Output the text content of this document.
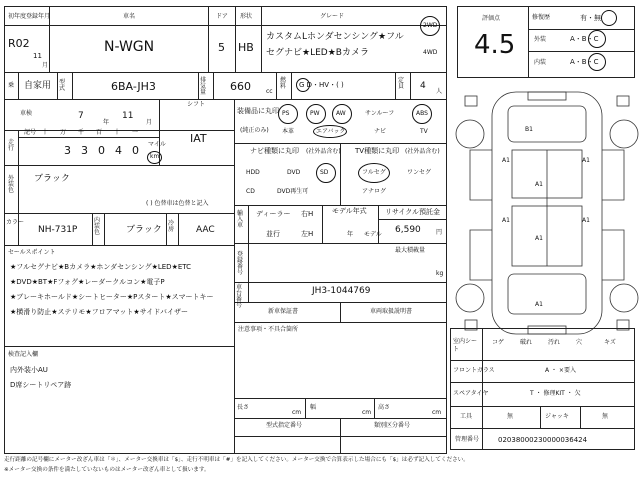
初年度登録年月
R02
11
月
車名
N-WGN
ドア
5
形状
HB
グレード
カスタムLホンダセンシング★フル
セグナビ★LED★Bカメラ
2WD
4WD
乗 自家用 型式	6BA-JH3	排気量	660	cc
燃料	G D・HV・( )
定員	4
人
評価点
4.5
修復歴	有・無
外装	A・B・C
内装	A・B・C
車検	7
年
11
月
シフト
IAT
走行
記号 十 万 千 百 十 一
3 3 0 4 0 マイル
km
装備品に丸印
(純正のみ)
PS	PW	AW	サンルーフ	ABS
本革	エアバック	ナビ	TV
ナビ種類に丸印 (社外品含む)
HDD	DVD	SD
CD	DVD再生可
TV種類に丸印 (社外品含む)
フルセグ	ワンセグ
アナログ
外装色
ブラック
( ) 色替車は色替と記入
カラー
NH-731P
内装色	ブラック
冷房	AAC
輸入車
ディーラー
並行
右H
左H
モデル年式
年 モデル
リサイクル預託金
6,590	円
最大積載量
kg
登録番号
車台番号
JH3-1044769
セールスポイント
★フルセグナビ★Bカメラ★ホンダセンシング★LED★ETC
★DVD★BT★Fフォグ★レーダークルコン★電子P
★ブレーキホールド★シートヒーター★Pスタート★スマートキー
★横滑り防止★ステリモ★フロアマット★サイドバイザー
検査記入欄
内外装小AU
D席シートリペア跡
新車保証書	車両取扱説明書
注意事項・不具合箇所
長さ
cm
幅
cm
高さ
cm
型式指定番号	類別区分番号
B1
A1	A1
A1	A1
A1
A1
A1
室内シート
コゲ	破れ	汚れ	穴	キズ
フロントガラス	A ・ ×要入
スペアタイヤ	T ・ 修理KIT ・ 欠
工具	無	ジャッキ	無
管理番号	02038000230000036424
走行距離の記号欄にメーター改ざん車は「＊」、メーター交換車は「$」、走行不明車は「#」を記入してください。メーター交換で合算表示した場合にも「$」は必ず記入してください。
※メーター交換の条件を満たしていないものはメーター改ざん車として扱います。
